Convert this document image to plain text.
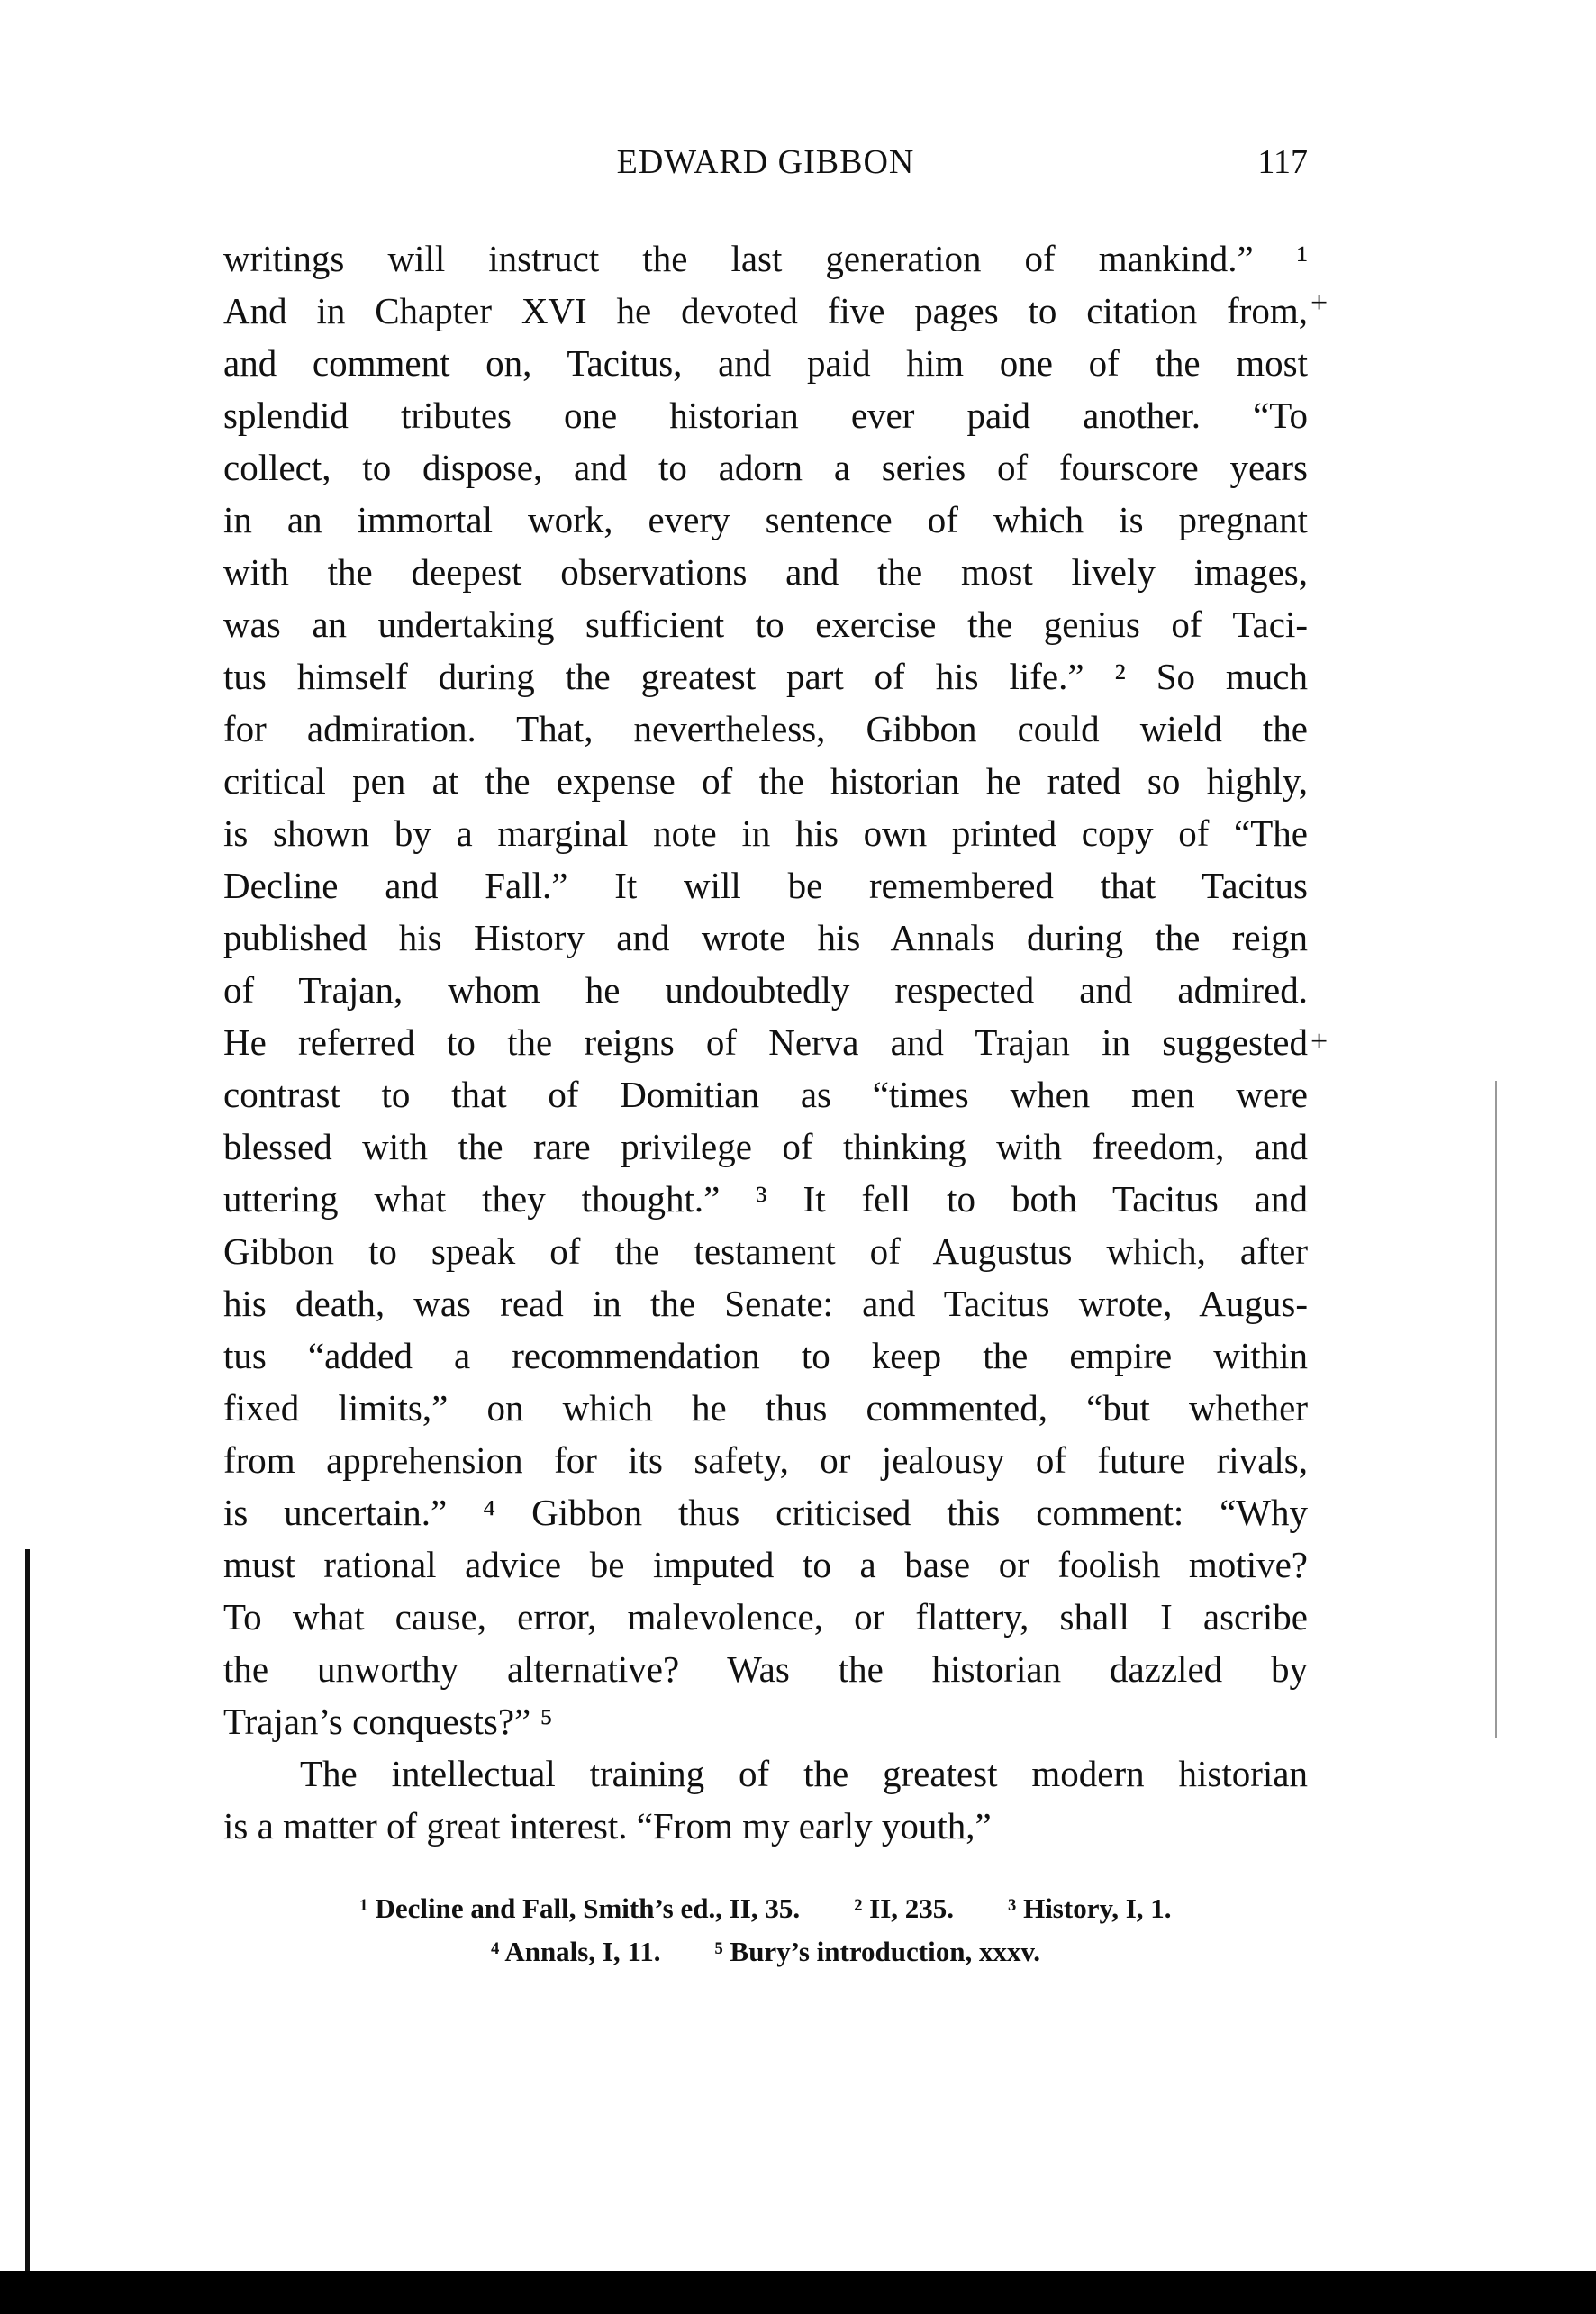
EDWARD GIBBON	117
writings will instruct the last generation of mankind.” ¹
And in Chapter XVI he devoted five pages to citation from,
and comment on, Tacitus, and paid him one of the most
splendid tributes one historian ever paid another. “To
collect, to dispose, and to adorn a series of fourscore years
in an immortal work, every sentence of which is pregnant
with the deepest observations and the most lively images,
was an undertaking sufficient to exercise the genius of Taci-
tus himself during the greatest part of his life.” ² So much
for admiration. That, nevertheless, Gibbon could wield the
critical pen at the expense of the historian he rated so highly,
is shown by a marginal note in his own printed copy of “The
Decline and Fall.” It will be remembered that Tacitus
published his History and wrote his Annals during the reign
of Trajan, whom he undoubtedly respected and admired.
He referred to the reigns of Nerva and Trajan in suggested
contrast to that of Domitian as “times when men were
blessed with the rare privilege of thinking with freedom, and
uttering what they thought.” ³ It fell to both Tacitus and
Gibbon to speak of the testament of Augustus which, after
his death, was read in the Senate: and Tacitus wrote, Augus-
tus “added a recommendation to keep the empire within
fixed limits,” on which he thus commented, “but whether
from apprehension for its safety, or jealousy of future rivals,
is uncertain.” ⁴ Gibbon thus criticised this comment: “Why
must rational advice be imputed to a base or foolish motive?
To what cause, error, malevolence, or flattery, shall I ascribe
the unworthy alternative? Was the historian dazzled by
Trajan’s conquests?” ⁵
The intellectual training of the greatest modern historian
is a matter of great interest. “From my early youth,”
¹ Decline and Fall, Smith’s ed., II, 35. ² II, 235. ³ History, I, 1.
⁴ Annals, I, 11. ⁵ Bury’s introduction, xxxv.
+
+
